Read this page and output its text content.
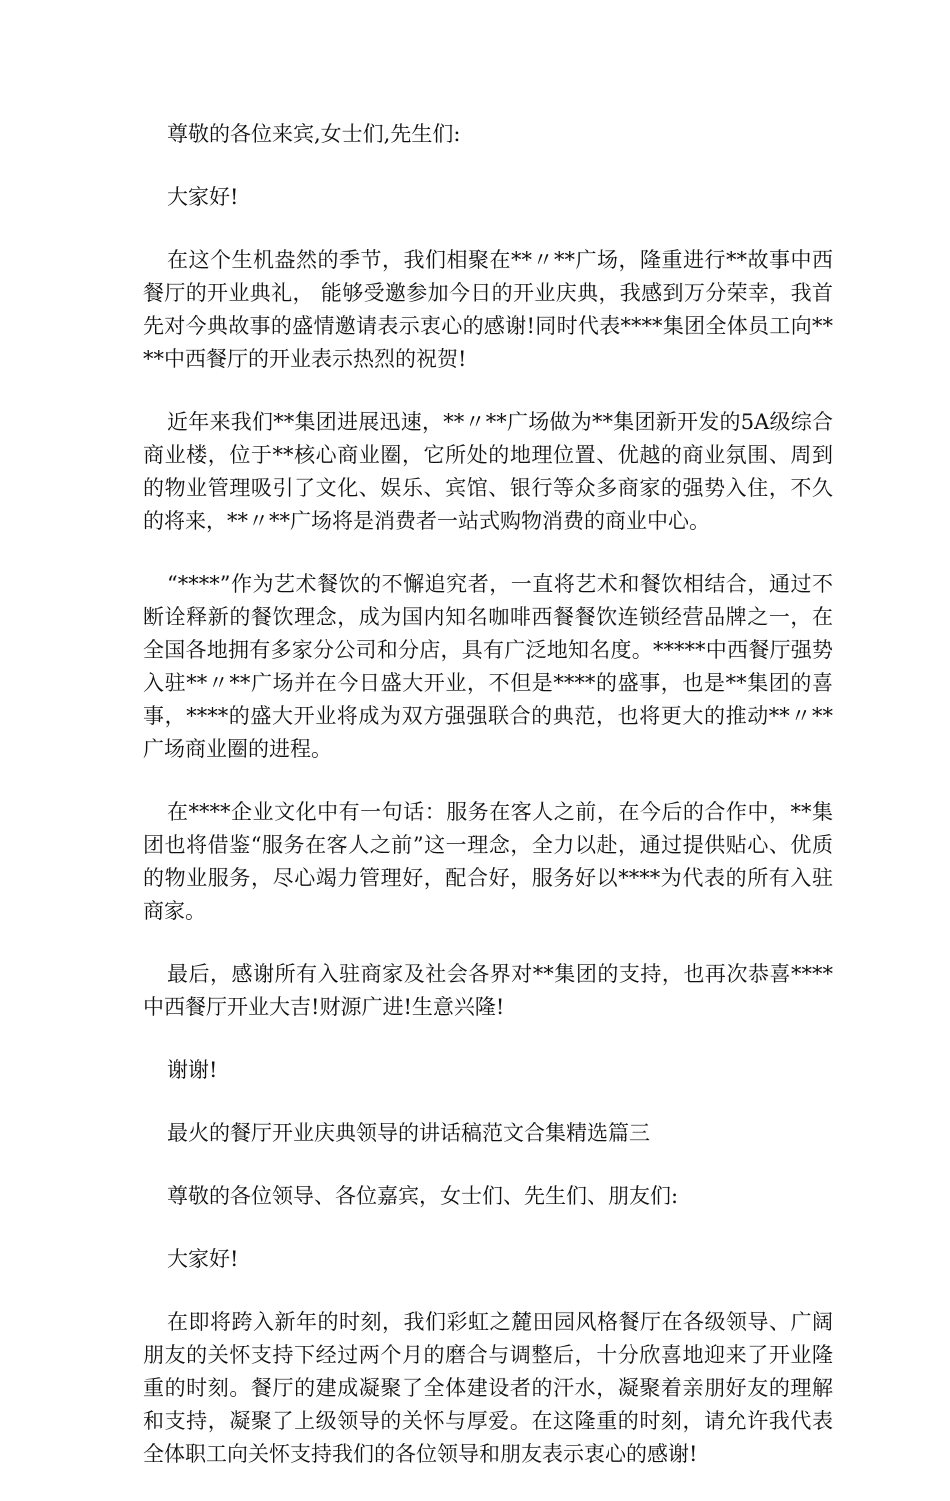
尊敬的各位来宾,女士们,先生们:

大家好!

在这个生机盎然的季节，我们相聚在**〃**广场，隆重进行**故事中西餐厅的开业典礼， 能够受邀参加今日的开业庆典，我感到万分荣幸，我首先对今典故事的盛情邀请表示衷心的感谢!同时代表****集团全体员工向****中西餐厅的开业表示热烈的祝贺!

近年来我们**集团进展迅速，**〃**广场做为**集团新开发的5A级综合商业楼，位于**核心商业圈，它所处的地理位置、优越的商业氛围、周到的物业管理吸引了文化、娱乐、宾馆、银行等众多商家的强势入住，不久的将来，**〃**广场将是消费者一站式购物消费的商业中心。

“****”作为艺术餐饮的不懈追究者，一直将艺术和餐饮相结合，通过不断诠释新的餐饮理念，成为国内知名咖啡西餐餐饮连锁经营品牌之一，在全国各地拥有多家分公司和分店，具有广泛地知名度。*****中西餐厅强势入驻**〃**广场并在今日盛大开业，不但是****的盛事，也是**集团的喜事，****的盛大开业将成为双方强强联合的典范，也将更大的推动**〃**广场商业圈的进程。

在****企业文化中有一句话：服务在客人之前，在今后的合作中，**集团也将借鉴“服务在客人之前”这一理念，全力以赴，通过提供贴心、优质的物业服务，尽心竭力管理好，配合好，服务好以****为代表的所有入驻商家。

最后，感谢所有入驻商家及社会各界对**集团的支持，也再次恭喜****中西餐厅开业大吉!财源广进!生意兴隆!

谢谢!

最火的餐厅开业庆典领导的讲话稿范文合集精选篇三

尊敬的各位领导、各位嘉宾，女士们、先生们、朋友们:

大家好!

在即将跨入新年的时刻，我们彩虹之麓田园风格餐厅在各级领导、广阔朋友的关怀支持下经过两个月的磨合与调整后，十分欣喜地迎来了开业隆重的时刻。餐厅的建成凝聚了全体建设者的汗水，凝聚着亲朋好友的理解和支持，凝聚了上级领导的关怀与厚爱。在这隆重的时刻，请允许我代表全体职工向关怀支持我们的各位领导和朋友表示衷心的感谢!
